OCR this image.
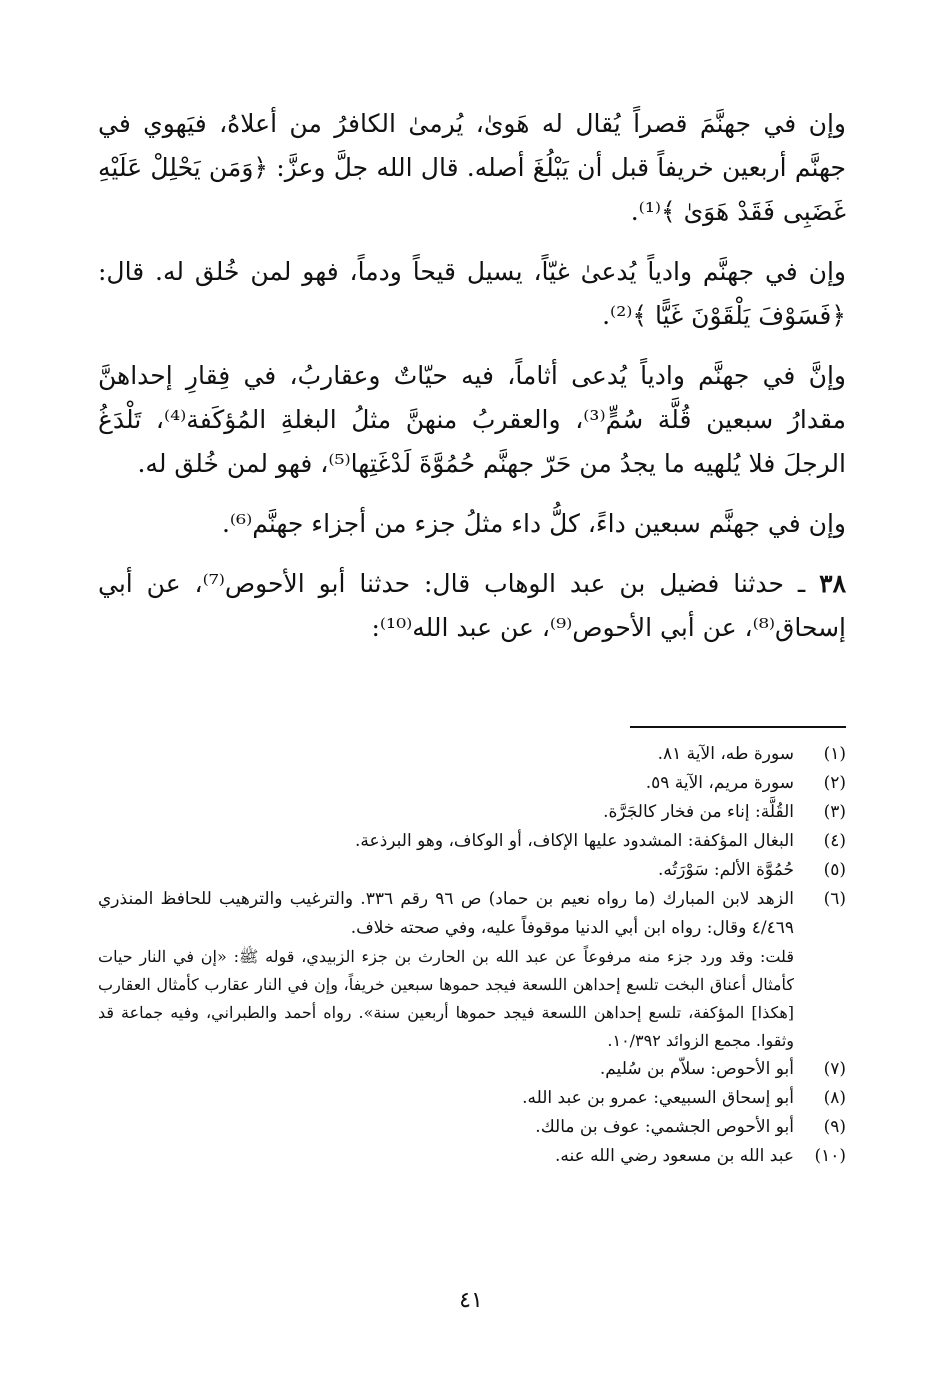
وإن في جهنَّمَ قصراً يُقال له هَوىٰ، يُرمىٰ الكافرُ من أعلاهُ، فيَهوي في جهنَّم أربعين خريفاً قبل أن يَبْلُغَ أصله. قال الله جلَّ وعزَّ: ﴿وَمَن يَحْلِلْ عَلَيْهِ غَضَبِى فَقَدْ هَوَىٰ ﴾⁽¹⁾.

وإن في جهنَّم وادياً يُدعىٰ غيّاً، يسيل قيحاً ودماً، فهو لمن خُلق له. قال: ﴿فَسَوْفَ يَلْقَوْنَ غَيًّا ﴾⁽²⁾.

وإنَّ في جهنَّم وادياً يُدعى أثاماً، فيه حيّاتٌ وعقاربُ، في فِقارِ إحداهنَّ مقدارُ سبعين قُلَّة سُمٍّ⁽³⁾، والعقربُ منهنَّ مثلُ البغلةِ المُؤكَفة⁽⁴⁾، تَلْدَغُ الرجلَ فلا يُلهيه ما يجدُ من حَرّ جهنَّم حُمُوَّةَ لَدْغَتِها⁽⁵⁾، فهو لمن خُلق له.

وإن في جهنَّم سبعين داءً، كلُّ داء مثلُ جزء من أجزاء جهنَّم⁽⁶⁾.

٣٨ ـ حدثنا فضيل بن عبد الوهاب قال: حدثنا أبو الأحوص⁽⁷⁾، عن أبي إسحاق⁽⁸⁾، عن أبي الأحوص⁽⁹⁾، عن عبد الله⁽¹⁰⁾:

(١)
سورة طه، الآية ٨١.
(٢)
سورة مريم، الآية ٥٩.
(٣)
القُلَّة: إناء من فخار كالجَرَّة.
(٤)
البغال المؤكفة: المشدود عليها الإكاف، أو الوكاف، وهو البرذعة.
(٥)
حُمُوَّة الألم: سَوْرَتُه.
(٦)
الزهد لابن المبارك (ما رواه نعيم بن حماد) ص ٩٦ رقم ٣٣٦. والترغيب والترهيب للحافظ المنذري ٤/٤٦٩ وقال: رواه ابن أبي الدنيا موقوفاً عليه، وفي صحته خلاف.
قلت: وقد ورد جزء منه مرفوعاً عن عبد الله بن الحارث بن جزء الزبيدي، قوله ﷺ: «إن في النار حيات كأمثال أعناق البخت تلسع إحداهن اللسعة فيجد حموها سبعين خريفاً، وإن في النار عقارب كأمثال العقارب [هكذا] المؤكفة، تلسع إحداهن اللسعة فيجد حموها أربعين سنة». رواه أحمد والطبراني، وفيه جماعة قد وثقوا. مجمع الزوائد ١٠/٣٩٢.
(٧)
أبو الأحوص: سلاّم بن سُليم.
(٨)
أبو إسحاق السبيعي: عمرو بن عبد الله.
(٩)
أبو الأحوص الجشمي: عوف بن مالك.
(١٠)
عبد الله بن مسعود رضي الله عنه.
٤١
